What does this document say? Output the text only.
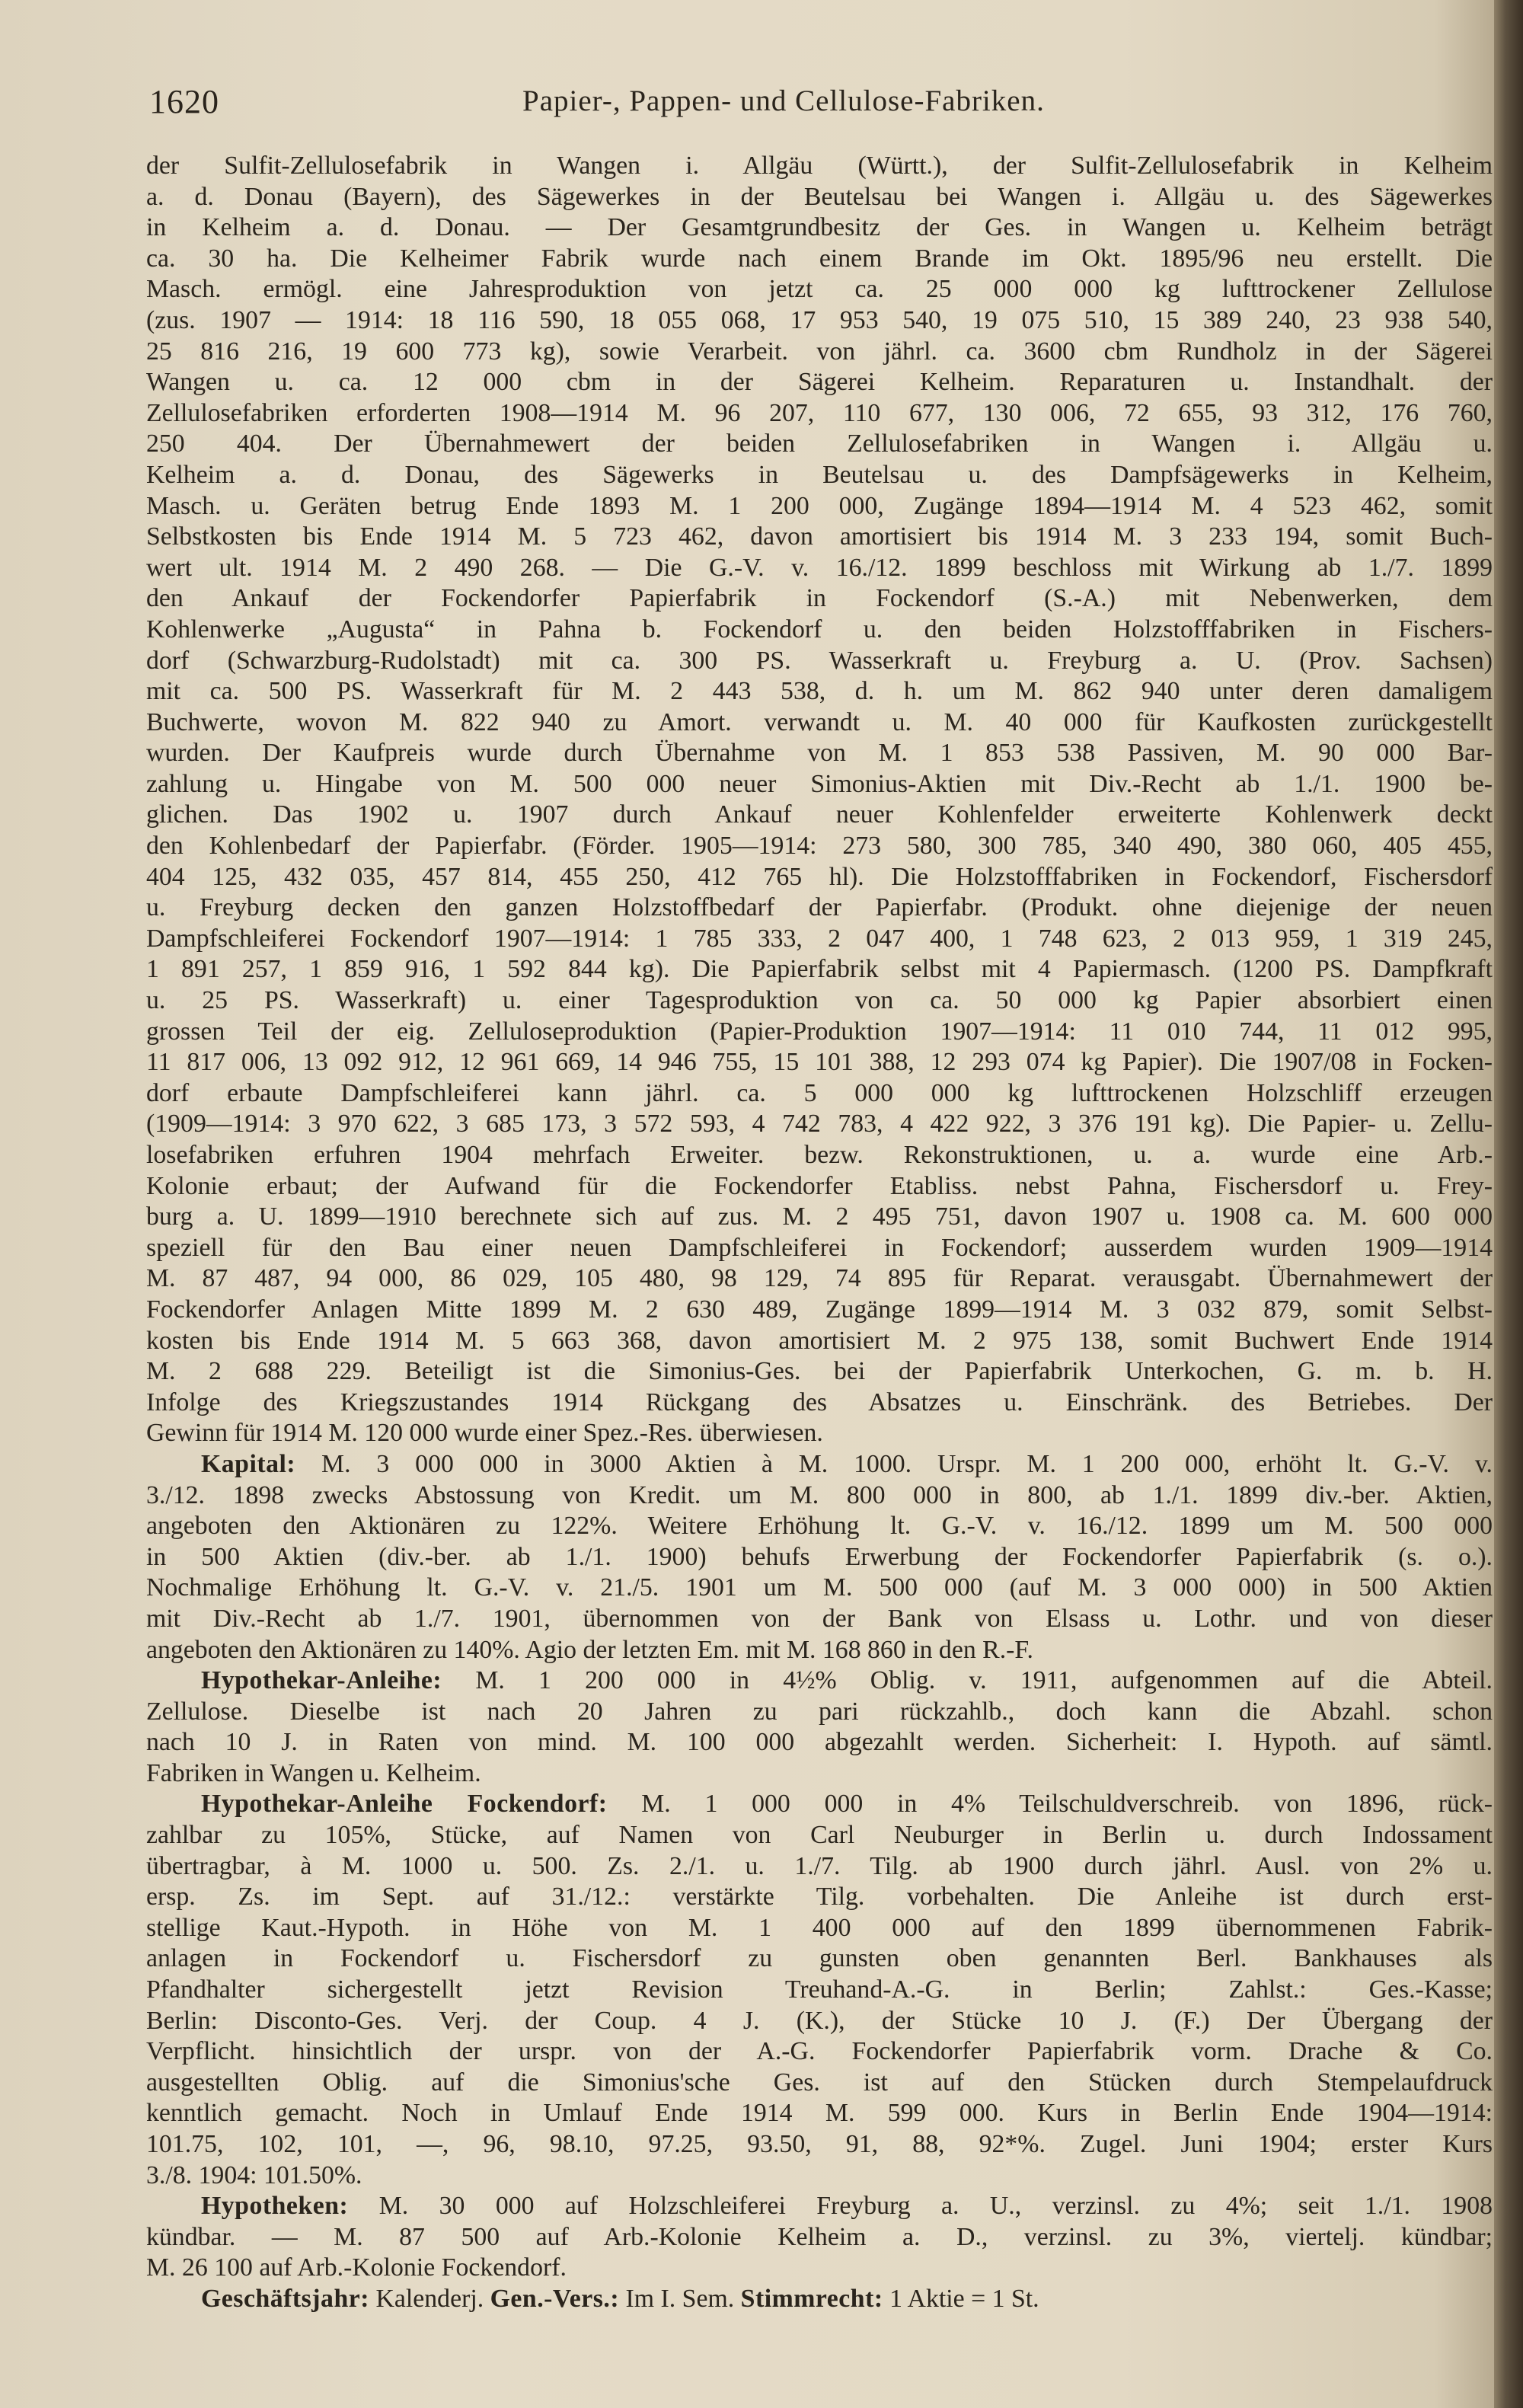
1620	Papier-, Pappen- und Cellulose-Fabriken.
der Sulfit-Zellulosefabrik in Wangen i. Allgäu (Württ.), der Sulfit-Zellulosefabrik in Kelheim
a. d. Donau (Bayern), des Sägewerkes in der Beutelsau bei Wangen i. Allgäu u. des Sägewerkes
in Kelheim a. d. Donau. — Der Gesamtgrundbesitz der Ges. in Wangen u. Kelheim beträgt
ca. 30 ha. Die Kelheimer Fabrik wurde nach einem Brande im Okt. 1895/96 neu erstellt. Die
Masch. ermögl. eine Jahresproduktion von jetzt ca. 25 000 000 kg lufttrockener Zellulose
(zus. 1907 — 1914: 18 116 590, 18 055 068, 17 953 540, 19 075 510, 15 389 240, 23 938 540,
25 816 216, 19 600 773 kg), sowie Verarbeit. von jährl. ca. 3600 cbm Rundholz in der Sägerei
Wangen u. ca. 12 000 cbm in der Sägerei Kelheim. Reparaturen u. Instandhalt. der
Zellulosefabriken erforderten 1908—1914 M. 96 207, 110 677, 130 006, 72 655, 93 312, 176 760,
250 404. Der Übernahmewert der beiden Zellulosefabriken in Wangen i. Allgäu u.
Kelheim a. d. Donau, des Sägewerks in Beutelsau u. des Dampfsägewerks in Kelheim,
Masch. u. Geräten betrug Ende 1893 M. 1 200 000, Zugänge 1894—1914 M. 4 523 462, somit
Selbstkosten bis Ende 1914 M. 5 723 462, davon amortisiert bis 1914 M. 3 233 194, somit Buch-
wert ult. 1914 M. 2 490 268. — Die G.-V. v. 16./12. 1899 beschloss mit Wirkung ab 1./7. 1899
den Ankauf der Fockendorfer Papierfabrik in Fockendorf (S.-A.) mit Nebenwerken, dem
Kohlenwerke „Augusta“ in Pahna b. Fockendorf u. den beiden Holzstofffabriken in Fischers-
dorf (Schwarzburg-Rudolstadt) mit ca. 300 PS. Wasserkraft u. Freyburg a. U. (Prov. Sachsen)
mit ca. 500 PS. Wasserkraft für M. 2 443 538, d. h. um M. 862 940 unter deren damaligem
Buchwerte, wovon M. 822 940 zu Amort. verwandt u. M. 40 000 für Kaufkosten zurückgestellt
wurden. Der Kaufpreis wurde durch Übernahme von M. 1 853 538 Passiven, M. 90 000 Bar-
zahlung u. Hingabe von M. 500 000 neuer Simonius-Aktien mit Div.-Recht ab 1./1. 1900 be-
glichen. Das 1902 u. 1907 durch Ankauf neuer Kohlenfelder erweiterte Kohlenwerk deckt
den Kohlenbedarf der Papierfabr. (Förder. 1905—1914: 273 580, 300 785, 340 490, 380 060, 405 455,
404 125, 432 035, 457 814, 455 250, 412 765 hl). Die Holzstofffabriken in Fockendorf, Fischersdorf
u. Freyburg decken den ganzen Holzstoffbedarf der Papierfabr. (Produkt. ohne diejenige der neuen
Dampfschleiferei Fockendorf 1907—1914: 1 785 333, 2 047 400, 1 748 623, 2 013 959, 1 319 245,
1 891 257, 1 859 916, 1 592 844 kg). Die Papierfabrik selbst mit 4 Papiermasch. (1200 PS. Dampfkraft
u. 25 PS. Wasserkraft) u. einer Tagesproduktion von ca. 50 000 kg Papier absorbiert einen
grossen Teil der eig. Zelluloseproduktion (Papier-Produktion 1907—1914: 11 010 744, 11 012 995,
11 817 006, 13 092 912, 12 961 669, 14 946 755, 15 101 388, 12 293 074 kg Papier). Die 1907/08 in Focken-
dorf erbaute Dampfschleiferei kann jährl. ca. 5 000 000 kg lufttrockenen Holzschliff erzeugen
(1909—1914: 3 970 622, 3 685 173, 3 572 593, 4 742 783, 4 422 922, 3 376 191 kg). Die Papier- u. Zellu-
losefabriken erfuhren 1904 mehrfach Erweiter. bezw. Rekonstruktionen, u. a. wurde eine Arb.-
Kolonie erbaut; der Aufwand für die Fockendorfer Etabliss. nebst Pahna, Fischersdorf u. Frey-
burg a. U. 1899—1910 berechnete sich auf zus. M. 2 495 751, davon 1907 u. 1908 ca. M. 600 000
speziell für den Bau einer neuen Dampfschleiferei in Fockendorf; ausserdem wurden 1909—1914
M. 87 487, 94 000, 86 029, 105 480, 98 129, 74 895 für Reparat. verausgabt. Übernahmewert der
Fockendorfer Anlagen Mitte 1899 M. 2 630 489, Zugänge 1899—1914 M. 3 032 879, somit Selbst-
kosten bis Ende 1914 M. 5 663 368, davon amortisiert M. 2 975 138, somit Buchwert Ende 1914
M. 2 688 229. Beteiligt ist die Simonius-Ges. bei der Papierfabrik Unterkochen, G. m. b. H.
Infolge des Kriegszustandes 1914 Rückgang des Absatzes u. Einschränk. des Betriebes. Der
Gewinn für 1914 M. 120 000 wurde einer Spez.-Res. überwiesen.
Kapital: M. 3 000 000 in 3000 Aktien à M. 1000. Urspr. M. 1 200 000, erhöht lt. G.-V. v.
3./12. 1898 zwecks Abstossung von Kredit. um M. 800 000 in 800, ab 1./1. 1899 div.-ber. Aktien,
angeboten den Aktionären zu 122%. Weitere Erhöhung lt. G.-V. v. 16./12. 1899 um M. 500 000
in 500 Aktien (div.-ber. ab 1./1. 1900) behufs Erwerbung der Fockendorfer Papierfabrik (s. o.).
Nochmalige Erhöhung lt. G.-V. v. 21./5. 1901 um M. 500 000 (auf M. 3 000 000) in 500 Aktien
mit Div.-Recht ab 1./7. 1901, übernommen von der Bank von Elsass u. Lothr. und von dieser
angeboten den Aktionären zu 140%. Agio der letzten Em. mit M. 168 860 in den R.-F.
Hypothekar-Anleihe: M. 1 200 000 in 4½% Oblig. v. 1911, aufgenommen auf die Abteil.
Zellulose. Dieselbe ist nach 20 Jahren zu pari rückzahlb., doch kann die Abzahl. schon
nach 10 J. in Raten von mind. M. 100 000 abgezahlt werden. Sicherheit: I. Hypoth. auf sämtl.
Fabriken in Wangen u. Kelheim.
Hypothekar-Anleihe Fockendorf: M. 1 000 000 in 4% Teilschuldverschreib. von 1896, rück-
zahlbar zu 105%, Stücke, auf Namen von Carl Neuburger in Berlin u. durch Indossament
übertragbar, à M. 1000 u. 500. Zs. 2./1. u. 1./7. Tilg. ab 1900 durch jährl. Ausl. von 2% u.
ersp. Zs. im Sept. auf 31./12.: verstärkte Tilg. vorbehalten. Die Anleihe ist durch erst-
stellige Kaut.-Hypoth. in Höhe von M. 1 400 000 auf den 1899 übernommenen Fabrik-
anlagen in Fockendorf u. Fischersdorf zu gunsten oben genannten Berl. Bankhauses als
Pfandhalter sichergestellt jetzt Revision Treuhand-A.-G. in Berlin; Zahlst.: Ges.-Kasse;
Berlin: Disconto-Ges. Verj. der Coup. 4 J. (K.), der Stücke 10 J. (F.) Der Übergang der
Verpflicht. hinsichtlich der urspr. von der A.-G. Fockendorfer Papierfabrik vorm. Drache & Co.
ausgestellten Oblig. auf die Simonius'sche Ges. ist auf den Stücken durch Stempelaufdruck
kenntlich gemacht. Noch in Umlauf Ende 1914 M. 599 000. Kurs in Berlin Ende 1904—1914:
101.75, 102, 101, —, 96, 98.10, 97.25, 93.50, 91, 88, 92*%. Zugel. Juni 1904; erster Kurs
3./8. 1904: 101.50%.
Hypotheken: M. 30 000 auf Holzschleiferei Freyburg a. U., verzinsl. zu 4%; seit 1./1. 1908
kündbar. — M. 87 500 auf Arb.-Kolonie Kelheim a. D., verzinsl. zu 3%, viertelj. kündbar;
M. 26 100 auf Arb.-Kolonie Fockendorf.
Geschäftsjahr: Kalenderj. Gen.-Vers.: Im I. Sem. Stimmrecht: 1 Aktie = 1 St.
